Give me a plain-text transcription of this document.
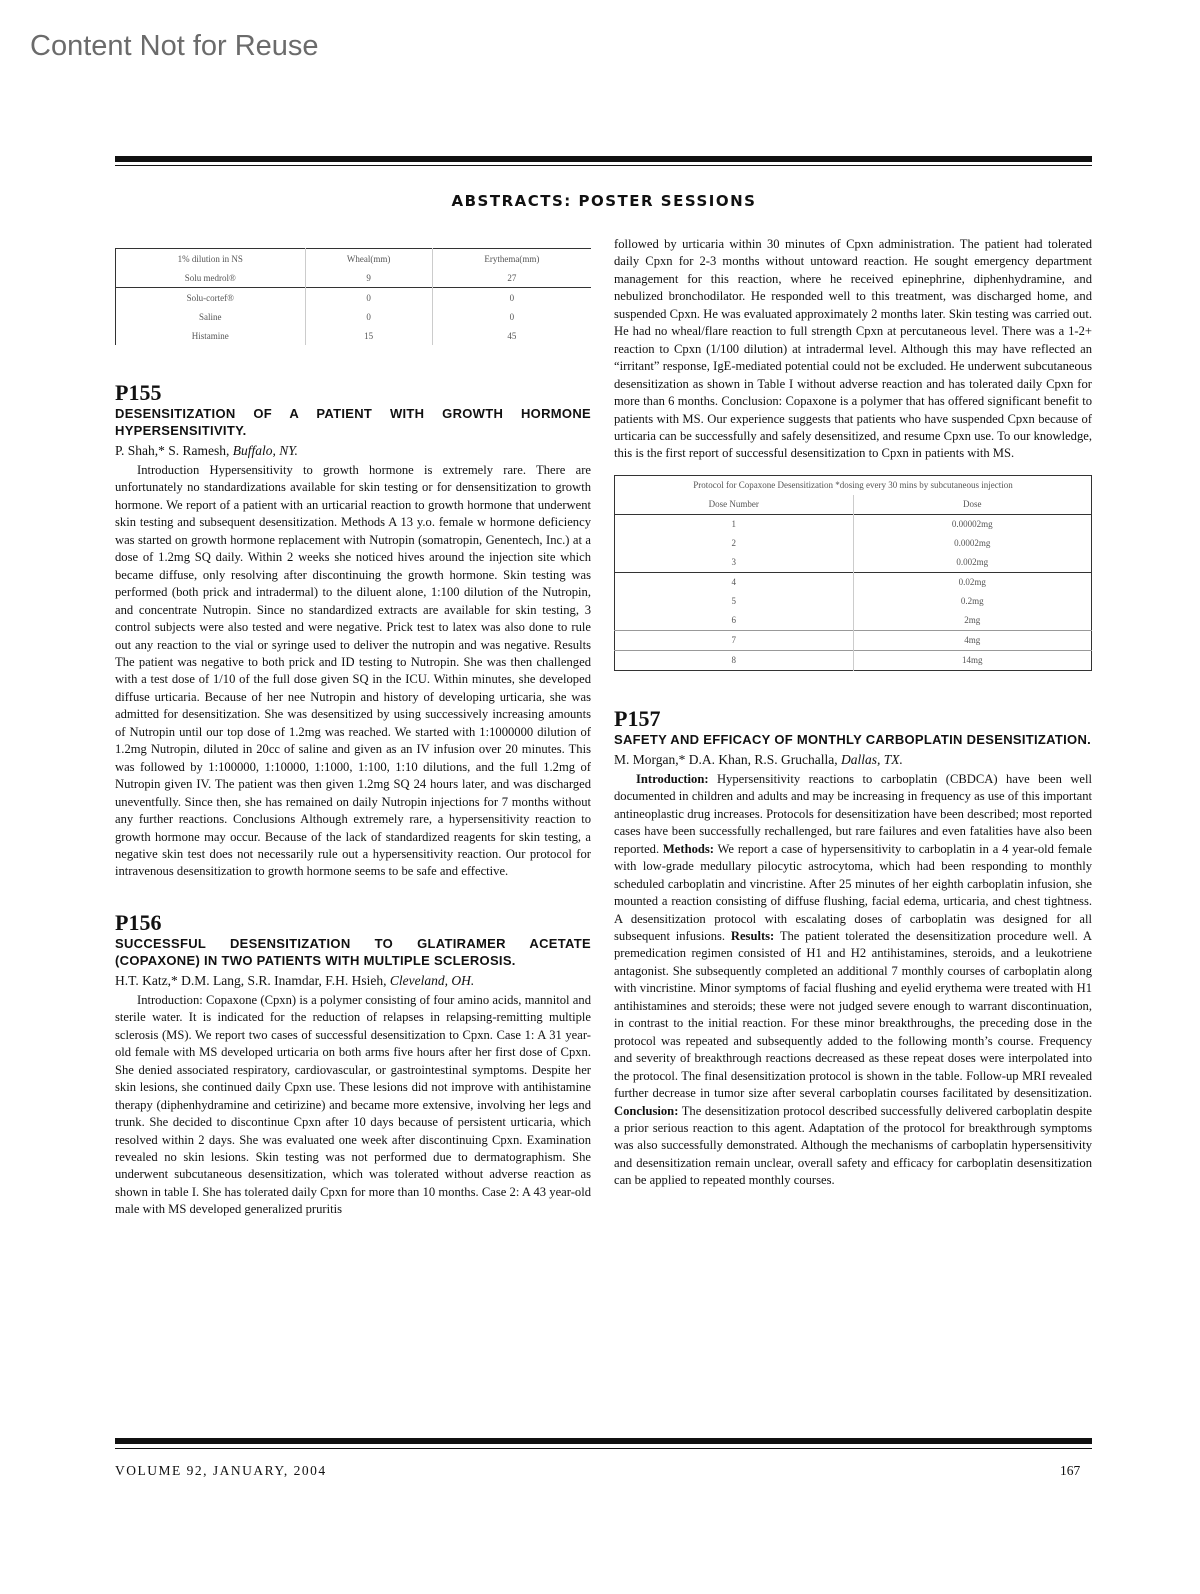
Content Not for Reuse
ABSTRACTS: POSTER SESSIONS
1% dilution in NS	Wheal(mm)	Erythema(mm)
Solu medrol®	9	27
Solu-cortef®	0	0
Saline	0	0
Histamine	15	45
P155
DESENSITIZATION OF A PATIENT WITH GROWTH HORMONE HYPERSENSITIVITY.
P. Shah,* S. Ramesh, Buffalo, NY.

Introduction Hypersensitivity to growth hormone is extremely rare. There are unfortunately no standardizations available for skin testing or for densensitization to growth hormone. We report of a patient with an urticarial reaction to growth hormone that underwent skin testing and subsequent desensitization. Methods A 13 y.o. female w hormone deficiency was started on growth hormone replacement with Nutropin (somatropin, Genentech, Inc.) at a dose of 1.2mg SQ daily. Within 2 weeks she noticed hives around the injection site which became diffuse, only resolving after discontinuing the growth hormone. Skin testing was performed (both prick and intradermal) to the diluent alone, 1:100 dilution of the Nutropin, and concentrate Nutropin. Since no standardized extracts are available for skin testing, 3 control subjects were also tested and were negative. Prick test to latex was also done to rule out any reaction to the vial or syringe used to deliver the nutropin and was negative. Results The patient was negative to both prick and ID testing to Nutropin. She was then challenged with a test dose of 1/10 of the full dose given SQ in the ICU. Within minutes, she developed diffuse urticaria. Because of her nee Nutropin and history of developing urticaria, she was admitted for desensitization. She was desensitized by using successively increasing amounts of Nutropin until our top dose of 1.2mg was reached. We started with 1:1000000 dilution of 1.2mg Nutropin, diluted in 20cc of saline and given as an IV infusion over 20 minutes. This was followed by 1:100000, 1:10000, 1:1000, 1:100, 1:10 dilutions, and the full 1.2mg of Nutropin given IV. The patient was then given 1.2mg SQ 24 hours later, and was discharged uneventfully. Since then, she has remained on daily Nutropin injections for 7 months without any further reactions. Conclusions Although extremely rare, a hypersensitivity reaction to growth hormone may occur. Because of the lack of standardized reagents for skin testing, a negative skin test does not necessarily rule out a hypersensitivity reaction. Our protocol for intravenous desensitization to growth hormone seems to be safe and effective.

P156
SUCCESSFUL DESENSITIZATION TO GLATIRAMER ACETATE (COPAXONE) IN TWO PATIENTS WITH MULTIPLE SCLEROSIS.
H.T. Katz,* D.M. Lang, S.R. Inamdar, F.H. Hsieh, Cleveland, OH.

Introduction: Copaxone (Cpxn) is a polymer consisting of four amino acids, mannitol and sterile water. It is indicated for the reduction of relapses in relapsing-remitting multiple sclerosis (MS). We report two cases of successful desensitization to Cpxn. Case 1: A 31 year-old female with MS developed urticaria on both arms five hours after her first dose of Cpxn. She denied associated respiratory, cardiovascular, or gastrointestinal symptoms. Despite her skin lesions, she continued daily Cpxn use. These lesions did not improve with antihistamine therapy (diphenhydramine and cetirizine) and became more extensive, involving her legs and trunk. She decided to discontinue Cpxn after 10 days because of persistent urticaria, which resolved within 2 days. She was evaluated one week after discontinuing Cpxn. Examination revealed no skin lesions. Skin testing was not performed due to dermatographism. She underwent subcutaneous desensitization, which was tolerated without adverse reaction as shown in table I. She has tolerated daily Cpxn for more than 10 months. Case 2: A 43 year-old male with MS developed generalized pruritis

followed by urticaria within 30 minutes of Cpxn administration. The patient had tolerated daily Cpxn for 2-3 months without untoward reaction. He sought emergency department management for this reaction, where he received epinephrine, diphenhydramine, and nebulized bronchodilator. He responded well to this treatment, was discharged home, and suspended Cpxn. He was evaluated approximately 2 months later. Skin testing was carried out. He had no wheal/flare reaction to full strength Cpxn at percutaneous level. There was a 1-2+ reaction to Cpxn (1/100 dilution) at intradermal level. Although this may have reflected an “irritant” response, IgE-mediated potential could not be excluded. He underwent subcutaneous desensitization as shown in Table I without adverse reaction and has tolerated daily Cpxn for more than 6 months. Conclusion: Copaxone is a polymer that has offered significant benefit to patients with MS. Our experience suggests that patients who have suspended Cpxn because of urticaria can be successfully and safely desensitized, and resume Cpxn use. To our knowledge, this is the first report of successful desensitization to Cpxn in patients with MS.

Protocol for Copaxone Desensitization *dosing every 30 mins by subcutaneous injection	
Dose Number	Dose
1	0.00002mg
2	0.0002mg
3	0.002mg
4	0.02mg
5	0.2mg
6	2mg
7	4mg
8	14mg
P157
SAFETY AND EFFICACY OF MONTHLY CARBOPLATIN DESENSITIZATION.
M. Morgan,* D.A. Khan, R.S. Gruchalla, Dallas, TX.

Introduction: Hypersensitivity reactions to carboplatin (CBDCA) have been well documented in children and adults and may be increasing in frequency as use of this important antineoplastic drug increases. Protocols for desensitization have been described; most reported cases have been successfully rechallenged, but rare failures and even fatalities have also been reported. Methods: We report a case of hypersensitivity to carboplatin in a 4 year-old female with low-grade medullary pilocytic astrocytoma, which had been responding to monthly scheduled carboplatin and vincristine. After 25 minutes of her eighth carboplatin infusion, she mounted a reaction consisting of diffuse flushing, facial edema, urticaria, and chest tightness. A desensitization protocol with escalating doses of carboplatin was designed for all subsequent infusions. Results: The patient tolerated the desensitization procedure well. A premedication regimen consisted of H1 and H2 antihistamines, steroids, and a leukotriene antagonist. She subsequently completed an additional 7 monthly courses of carboplatin along with vincristine. Minor symptoms of facial flushing and eyelid erythema were treated with H1 antihistamines and steroids; these were not judged severe enough to warrant discontinuation, in contrast to the initial reaction. For these minor breakthroughs, the preceding dose in the protocol was repeated and subsequently added to the following month’s course. Frequency and severity of breakthrough reactions decreased as these repeat doses were interpolated into the protocol. The final desensitization protocol is shown in the table. Follow-up MRI revealed further decrease in tumor size after several carboplatin courses facilitated by desensitization. Conclusion: The desensitization protocol described successfully delivered carboplatin despite a prior serious reaction to this agent. Adaptation of the protocol for breakthrough symptoms was also successfully demonstrated. Although the mechanisms of carboplatin hypersensitivity and desensitization remain unclear, overall safety and efficacy for carboplatin desensitization can be applied to repeated monthly courses.

VOLUME 92, JANUARY, 2004	167
